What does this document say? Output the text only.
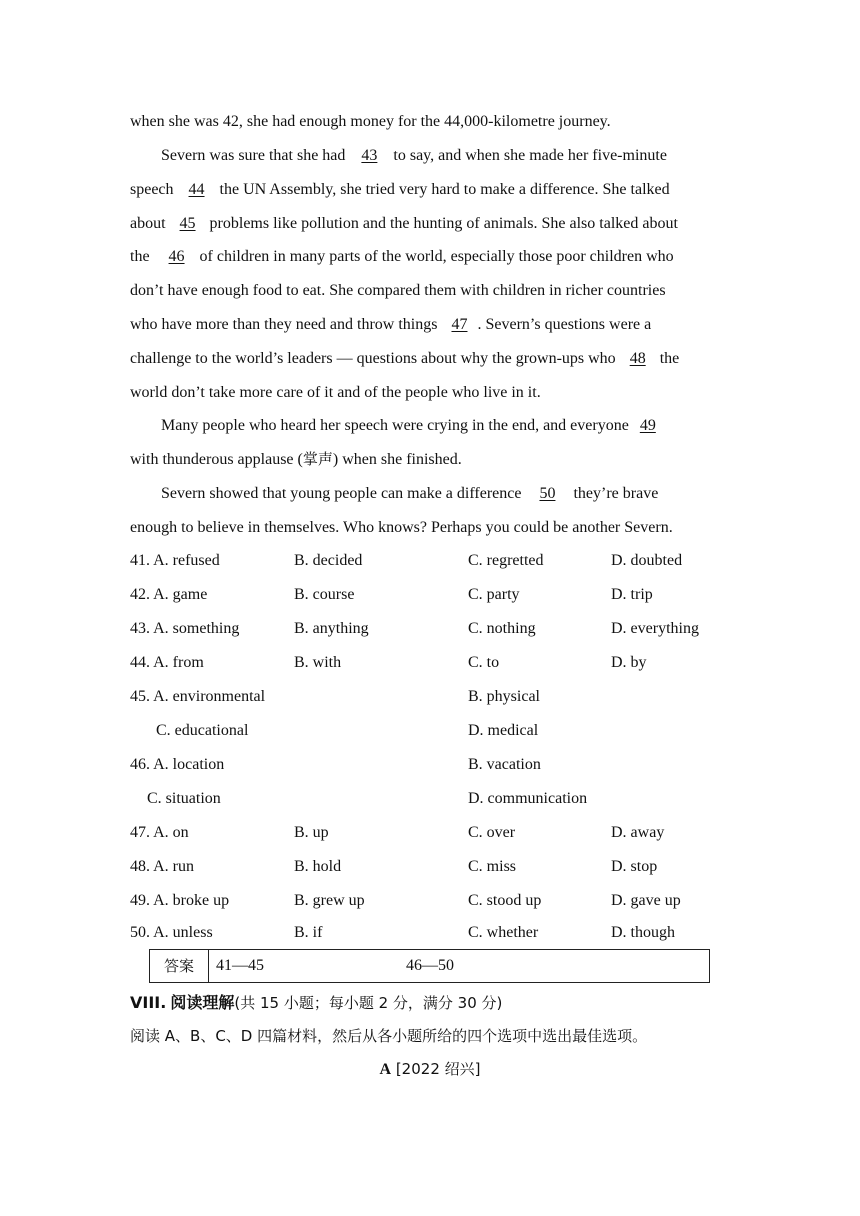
when she was 42, she had enough money for the 44,000-kilometre journey.
Severn was sure that she had 43 to say, and when she made her five-minute
speech 44 the UN Assembly, she tried very hard to make a difference. She talked
about 45 problems like pollution and the hunting of animals. She also talked about
the 46 of children in many parts of the world, especially those poor children who
don’t have enough food to eat. She compared them with children in richer countries
who have more than they need and throw things 47 . Severn’s questions were a
challenge to the world’s leaders — questions about why the grown-ups who 48 the
world don’t take more care of it and of the people who live in it.
Many people who heard her speech were crying in the end, and everyone 49
with thunderous applause (掌声) when she finished.
Severn showed that young people can make a difference 50 they’re brave
enough to believe in themselves. Who knows? Perhaps you could be another Severn.
41. A. refused	B. decided	C. regretted	D. doubted
42. A. game	B. course	C. party	D. trip
43. A. something	B. anything	C. nothing	D. everything
44. A. from	B. with	C. to	D. by
45. A. environmental	B. physical
C. educational	D. medical
46. A. location	B. vacation
C. situation	D. communication
47. A. on	B. up	C. over	D. away
48. A. run	B. hold	C. miss	D. stop
49. A. broke up	B. grew up	C. stood up	D. gave up
50. A. unless	B. if	C. whether	D. though
答案	41—45	46—50
VIII. 阅读理解(共 15 小题；每小题 2 分，满分 30 分)
阅读 A、B、C、D 四篇材料，然后从各小题所给的四个选项中选出最佳选项。
A [2022 绍兴]
